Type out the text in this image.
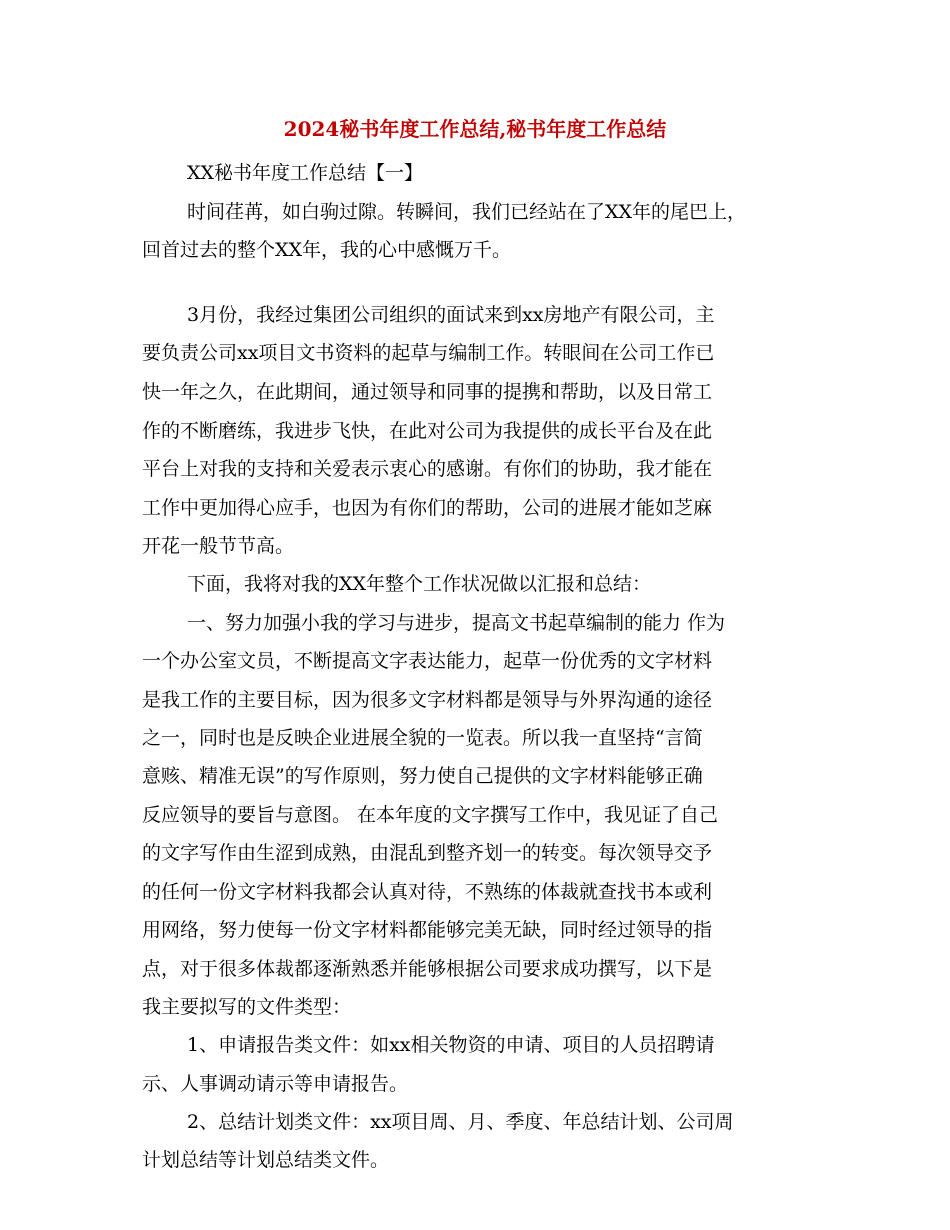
2024秘书年度工作总结,秘书年度工作总结
XX秘书年度工作总结【一】
时间荏苒，如白驹过隙。转瞬间，我们已经站在了XX年的尾巴上，
回首过去的整个XX年，我的心中感慨万千。
3月份，我经过集团公司组织的面试来到xx房地产有限公司，主
要负责公司xx项目文书资料的起草与编制工作。转眼间在公司工作已
快一年之久，在此期间，通过领导和同事的提携和帮助，以及日常工
作的不断磨练，我进步飞快，在此对公司为我提供的成长平台及在此
平台上对我的支持和关爱表示衷心的感谢。有你们的协助，我才能在
工作中更加得心应手，也因为有你们的帮助，公司的进展才能如芝麻
开花一般节节高。
下面，我将对我的XX年整个工作状况做以汇报和总结：
一、努力加强小我的学习与进步，提高文书起草编制的能力 作为
一个办公室文员，不断提高文字表达能力，起草一份优秀的文字材料
是我工作的主要目标，因为很多文字材料都是领导与外界沟通的途径
之一，同时也是反映企业进展全貌的一览表。所以我一直坚持“言简
意赅、精准无误”的写作原则，努力使自己提供的文字材料能够正确
反应领导的要旨与意图。 在本年度的文字撰写工作中，我见证了自己
的文字写作由生涩到成熟，由混乱到整齐划一的转变。每次领导交予
的任何一份文字材料我都会认真对待，不熟练的体裁就查找书本或利
用网络，努力使每一份文字材料都能够完美无缺，同时经过领导的指
点，对于很多体裁都逐渐熟悉并能够根据公司要求成功撰写，以下是
我主要拟写的文件类型：
1、申请报告类文件：如xx相关物资的申请、项目的人员招聘请
示、人事调动请示等申请报告。
2、总结计划类文件：xx项目周、月、季度、年总结计划、公司周
计划总结等计划总结类文件。
